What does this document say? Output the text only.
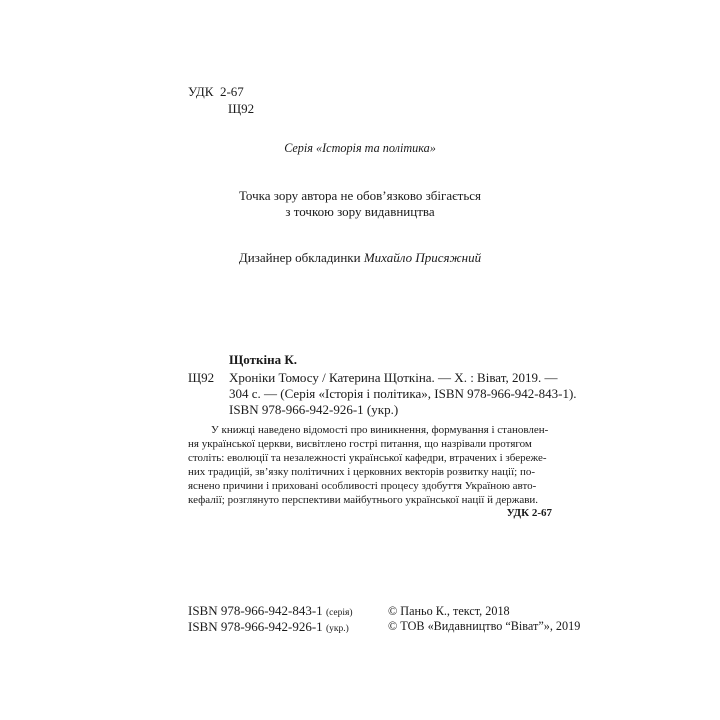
УДК 2-67
Щ92
Серія «Історія та політика»
Точка зору автора не обов’язково збігається
з точкою зору видавництва
Дизайнер обкладинки Михайло Присяжний
Щоткіна К.
Щ92 Хроніки Томосу / Катерина Щоткіна. — Х. : Віват, 2019. —
304 с. — (Серія «Історія і політика», ISBN 978-966-942-843-1).
ISBN 978-966-942-926-1 (укр.)
У книжці наведено відомості про виникнення, формування і становлен-
ня української церкви, висвітлено гострі питання, що назрівали протягом
століть: еволюції та незалежності української кафедри, втрачених і збереже-
них традицій, зв’язку політичних і церковних векторів розвитку нації; по-
яснено причини і приховані особливості процесу здобуття Україною авто-
кефалії; розглянуто перспективи майбутнього української нації й держави.
УДК 2-67
ISBN 978-966-942-843-1 (серія)
ISBN 978-966-942-926-1 (укр.)
© Паньо К., текст, 2018
© ТОВ «Видавництво “Віват”», 2019
